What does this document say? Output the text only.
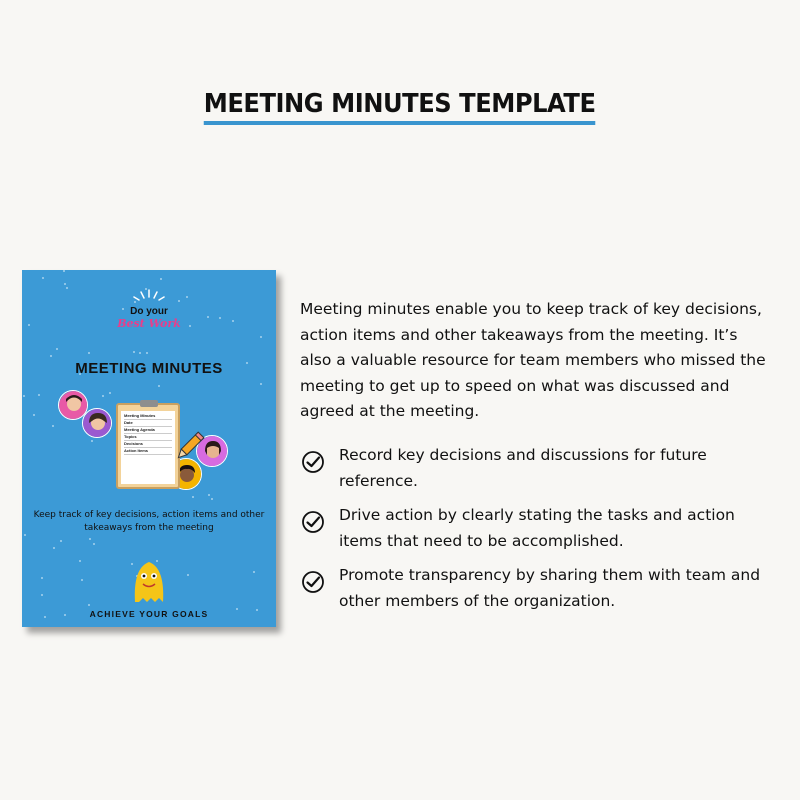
MEETING MINUTES TEMPLATE
Do your
Best Work
MEETING MINUTES
Meeting Minutes
Date
Meeting Agenda
Topics
Decisions
Action Items
Keep track of key decisions, action items and other takeaways from the meeting
ACHIEVE YOUR GOALS

Meeting minutes enable you to keep track of key decisions, action items and other takeaways from the meeting. It’s also a valuable resource for team members who missed the meeting to get up to speed on what was discussed and agreed at the meeting.

Record key decisions and discussions for future reference.
Drive action by clearly stating the tasks and action items that need to be accomplished.
Promote transparency by sharing them with team and other members of the organization.
